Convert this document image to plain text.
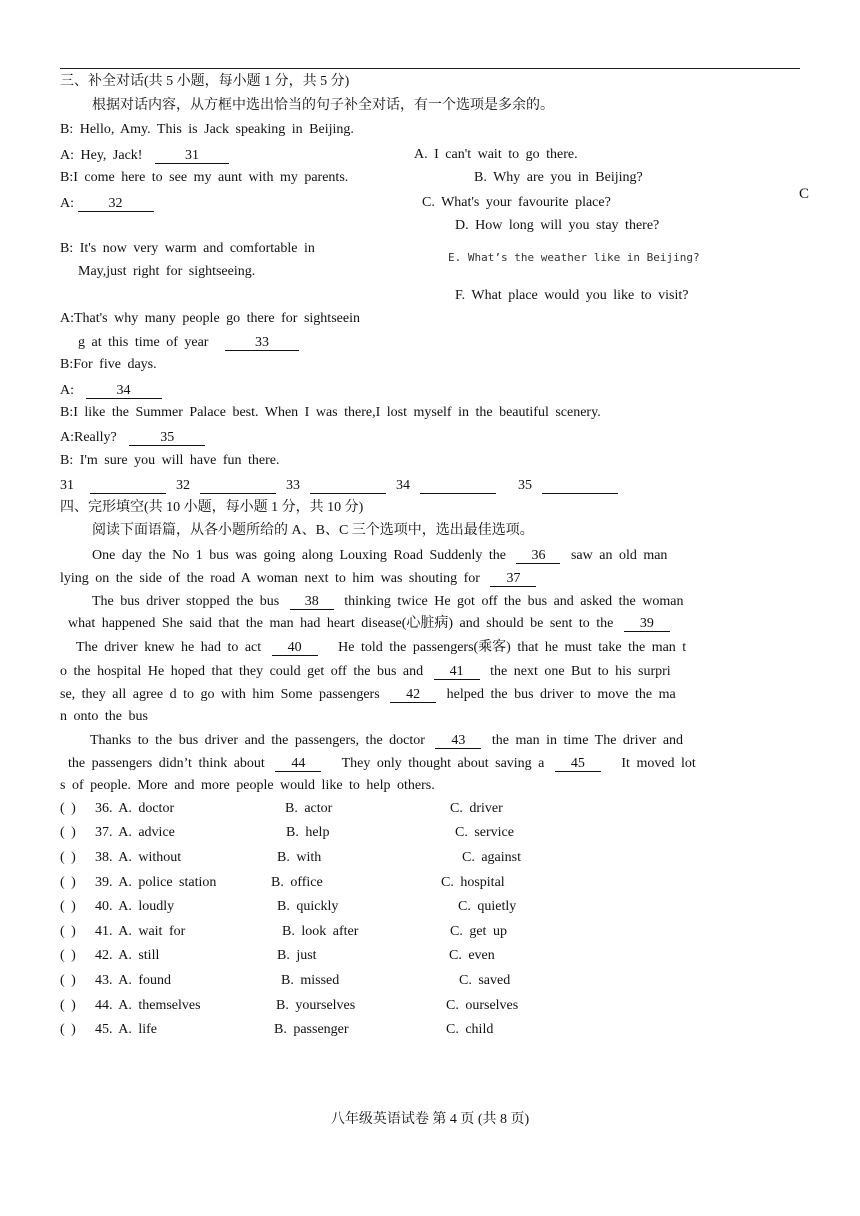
C
三、补全对话(共 5 小题，每小题 1 分，共 5 分)
根据对话内容，从方框中选出恰当的句子补全对话，有一个选项是多余的。
B: Hello, Amy. This is Jack speaking in Beijing.
A: Hey, Jack!	31
B:I come here to see my aunt with my parents.
A: 32
B: It's now very warm and comfortable in
May,just right for sightseeing.
A:That's why many people go there for sightseein
g at this time of year	33
B:For five days.
A:	34
B:I like the Summer Palace best. When I was there,I lost myself in the beautiful scenery.
A:Really?	35
B: I'm sure you will have fun there.
A. I can't wait to go there.
B. Why are you in Beijing?
C. What's your favourite place?
D. How long will you stay there?
E. What’s the weather like in Beijing?
F. What place would you like to visit?
31	32	33	34	35
四、完形填空(共 10 小题，每小题 1 分，共 10 分)
阅读下面语篇，从各小题所给的 A、B、C 三个选项中，选出最佳选项。
One day the No 1 bus was going along Louxing Road Suddenly the 36 saw an old man
lying on the side of the road A woman next to him was shouting for 37
The bus driver stopped the bus 38 thinking twice He got off the bus and asked the woman
what happened She said that the man had heart disease(心脏病) and should be sent to the 39
The driver knew he had to act 40	He told the passengers(乘客) that he must take the man t
o the hospital He hoped that they could get off the bus and 41 the next one But to his surpri
se, they all agree d to go with him Some passengers 42 helped the bus driver to move the ma
n onto the bus
Thanks to the bus driver and the passengers, the doctor 43 the man in time The driver and
the passengers didn’t think about 44	They only thought about saving a 45	It moved lot
s of people. More and more people would like to help others.
( ) 36. A. doctor	B. actor	C. driver
( ) 37. A. advice	B. help	C. service
( ) 38. A. without	B. with	C. against
( ) 39. A. police station	B. office	C. hospital
( ) 40. A. loudly	B. quickly	C. quietly
( ) 41. A. wait for	B. look after	C. get up
( ) 42. A. still	B. just	C. even
( ) 43. A. found	B. missed	C. saved
( ) 44. A. themselves	B. yourselves	C. ourselves
( ) 45. A. life	B. passenger	C. child
八年级英语试卷 第 4 页 (共 8 页)
